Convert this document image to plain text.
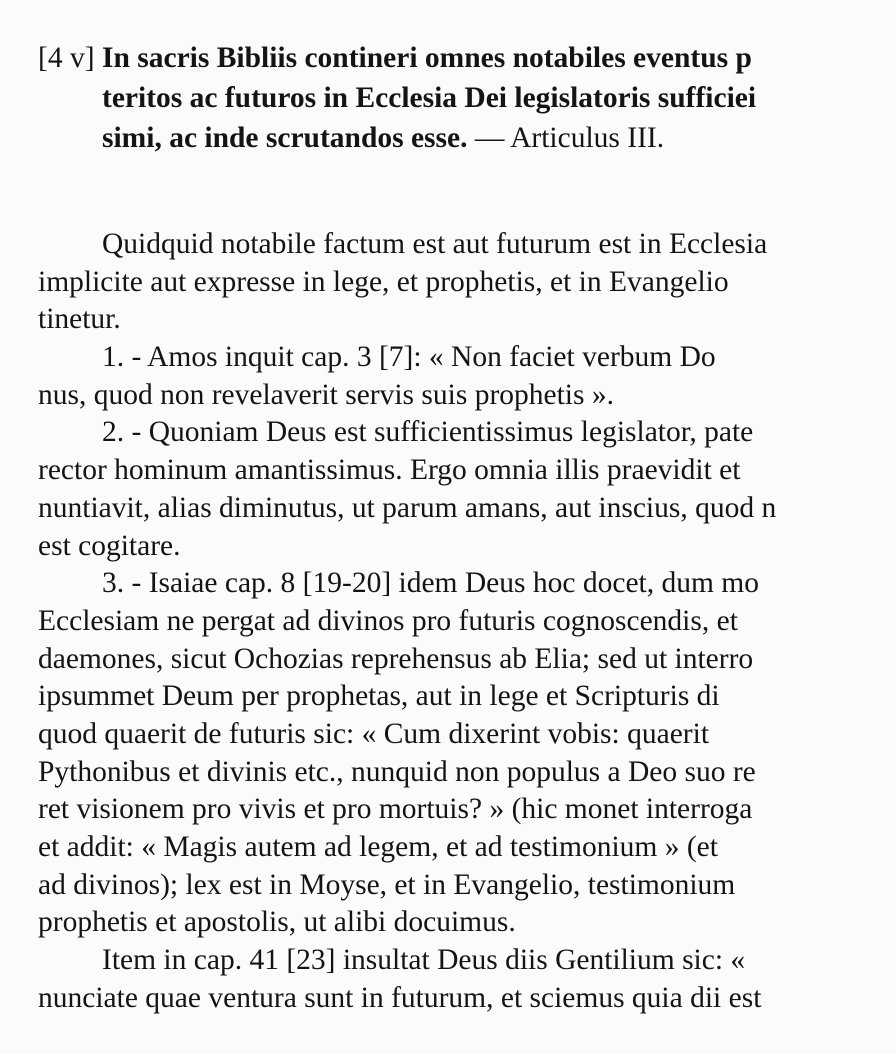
[4 v] In sacris Bibliis contineri omnes notabiles eventus p
teritos ac futuros in Ecclesia Dei legislatoris sufficiei
simi, ac inde scrutandos esse. — Articulus III.
Quidquid notabile factum est aut futurum est in Ecclesia
implicite aut expresse in lege, et prophetis, et in Evangelio
tinetur.
1. - Amos inquit cap. 3 [7]: « Non faciet verbum Do
nus, quod non revelaverit servis suis prophetis ».
2. - Quoniam Deus est sufficientissimus legislator, pate
rector hominum amantissimus. Ergo omnia illis praevidit et
nuntiavit, alias diminutus, ut parum amans, aut inscius, quod n
est cogitare.
3. - Isaiae cap. 8 [19-20] idem Deus hoc docet, dum mo
Ecclesiam ne pergat ad divinos pro futuris cognoscendis, et
daemones, sicut Ochozias reprehensus ab Elia; sed ut interro
ipsummet Deum per prophetas, aut in lege et Scripturis di
quod quaerit de futuris sic: « Cum dixerint vobis: quaerit
Pythonibus et divinis etc., nunquid non populus a Deo suo re
ret visionem pro vivis et pro mortuis? » (hic monet interroga
et addit: « Magis autem ad legem, et ad testimonium » (et
ad divinos); lex est in Moyse, et in Evangelio, testimonium
prophetis et apostolis, ut alibi docuimus.
Item in cap. 41 [23] insultat Deus diis Gentilium sic: «
nunciate quae ventura sunt in futurum, et sciemus quia dii est
